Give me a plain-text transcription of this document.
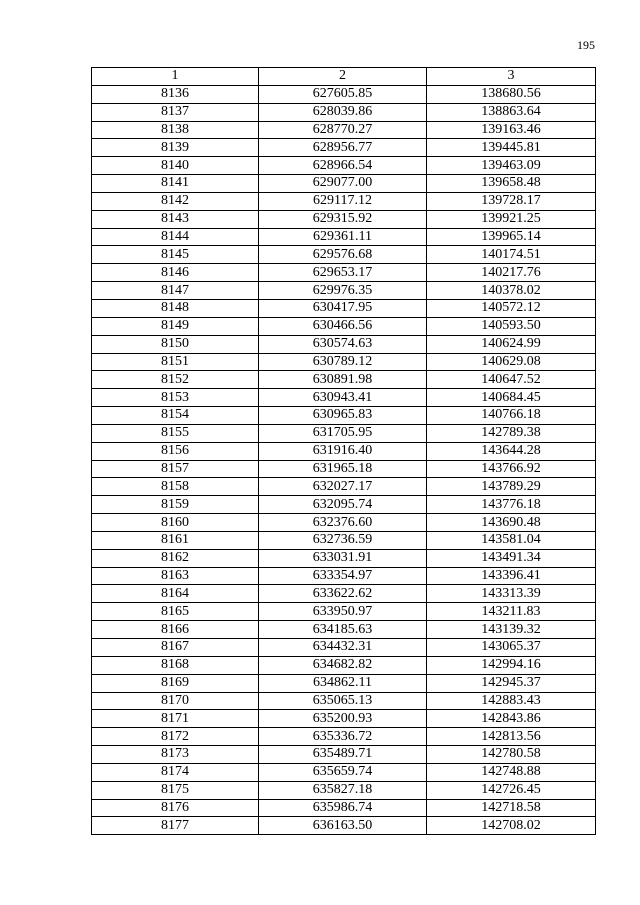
195
1	2	3
8136	627605.85	138680.56
8137	628039.86	138863.64
8138	628770.27	139163.46
8139	628956.77	139445.81
8140	628966.54	139463.09
8141	629077.00	139658.48
8142	629117.12	139728.17
8143	629315.92	139921.25
8144	629361.11	139965.14
8145	629576.68	140174.51
8146	629653.17	140217.76
8147	629976.35	140378.02
8148	630417.95	140572.12
8149	630466.56	140593.50
8150	630574.63	140624.99
8151	630789.12	140629.08
8152	630891.98	140647.52
8153	630943.41	140684.45
8154	630965.83	140766.18
8155	631705.95	142789.38
8156	631916.40	143644.28
8157	631965.18	143766.92
8158	632027.17	143789.29
8159	632095.74	143776.18
8160	632376.60	143690.48
8161	632736.59	143581.04
8162	633031.91	143491.34
8163	633354.97	143396.41
8164	633622.62	143313.39
8165	633950.97	143211.83
8166	634185.63	143139.32
8167	634432.31	143065.37
8168	634682.82	142994.16
8169	634862.11	142945.37
8170	635065.13	142883.43
8171	635200.93	142843.86
8172	635336.72	142813.56
8173	635489.71	142780.58
8174	635659.74	142748.88
8175	635827.18	142726.45
8176	635986.74	142718.58
8177	636163.50	142708.02
